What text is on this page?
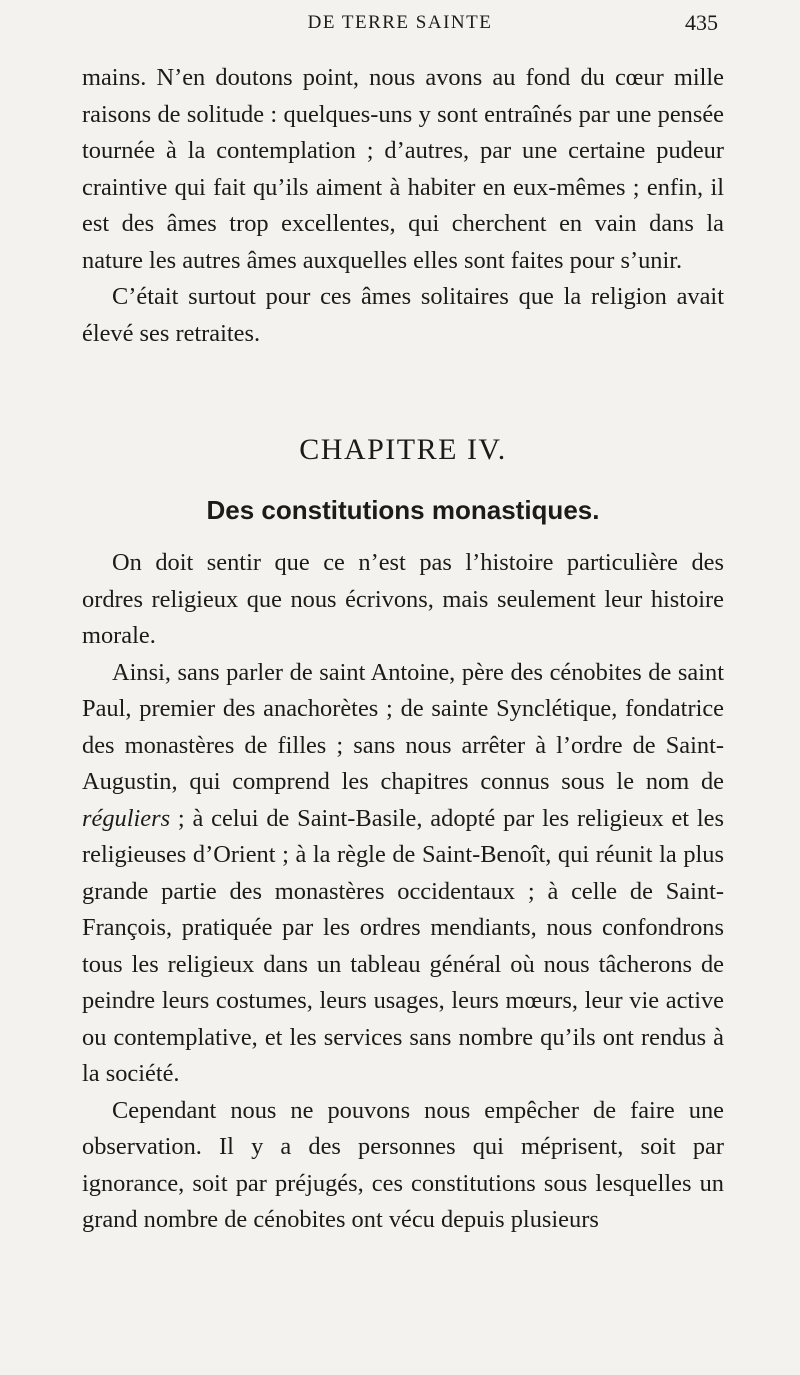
DE TERRE SAINTE	435

mains. N’en doutons point, nous avons au fond du cœur mille raisons de solitude : quelques-uns y sont entraînés par une pensée tournée à la contemplation ; d’autres, par une certaine pudeur craintive qui fait qu’ils aiment à habiter en eux-mêmes ; enfin, il est des âmes trop excellentes, qui cherchent en vain dans la nature les autres âmes auxquelles elles sont faites pour s’unir.

C’était surtout pour ces âmes solitaires que la religion avait élevé ses retraites.

CHAPITRE IV.
Des constitutions monastiques.

On doit sentir que ce n’est pas l’histoire particulière des ordres religieux que nous écrivons, mais seulement leur histoire morale.

Ainsi, sans parler de saint Antoine, père des cénobites de saint Paul, premier des anachorètes ; de sainte Synclétique, fondatrice des monastères de filles ; sans nous arrêter à l’ordre de Saint-Augustin, qui comprend les chapitres connus sous le nom de réguliers ; à celui de Saint-Basile, adopté par les religieux et les religieuses d’Orient ; à la règle de Saint-Benoît, qui réunit la plus grande partie des monastères occidentaux ; à celle de Saint-François, pratiquée par les ordres mendiants, nous confondrons tous les religieux dans un tableau général où nous tâcherons de peindre leurs costumes, leurs usages, leurs mœurs, leur vie active ou contemplative, et les services sans nombre qu’ils ont rendus à la société.

Cependant nous ne pouvons nous empêcher de faire une observation. Il y a des personnes qui méprisent, soit par ignorance, soit par préjugés, ces constitutions sous lesquelles un grand nombre de cénobites ont vécu depuis plusieurs
